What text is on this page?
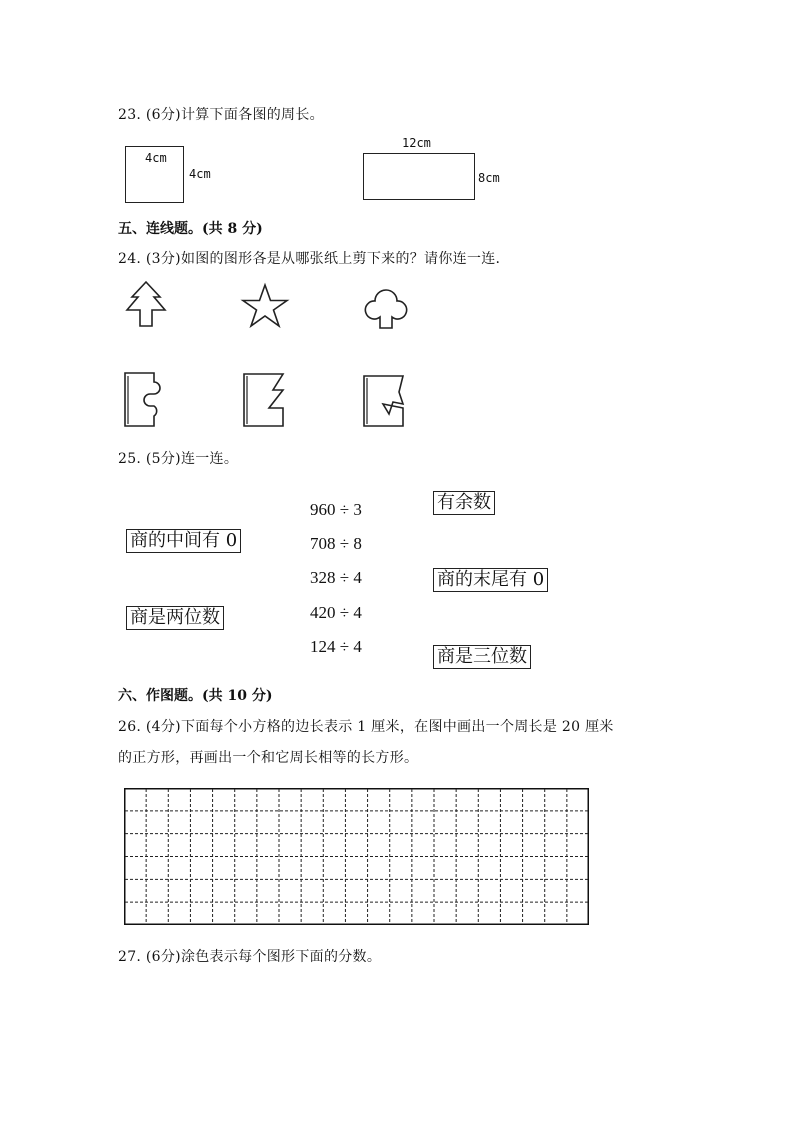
23. (6分)计算下面各图的周长。
4cm
4cm
12cm
8cm
五、连线题。(共 8 分)
24. (3分)如图的图形各是从哪张纸上剪下来的？请你连一连.
25. (5分)连一连。
商的中间有 0
商是两位数
960 ÷ 3
708 ÷ 8
328 ÷ 4
420 ÷ 4
124 ÷ 4
有余数
商的末尾有 0
商是三位数
六、作图题。(共 10 分)
26. (4分)下面每个小方格的边长表示 1 厘米，在图中画出一个周长是 20 厘米
的正方形，再画出一个和它周长相等的长方形。
27. (6分)涂色表示每个图形下面的分数。
